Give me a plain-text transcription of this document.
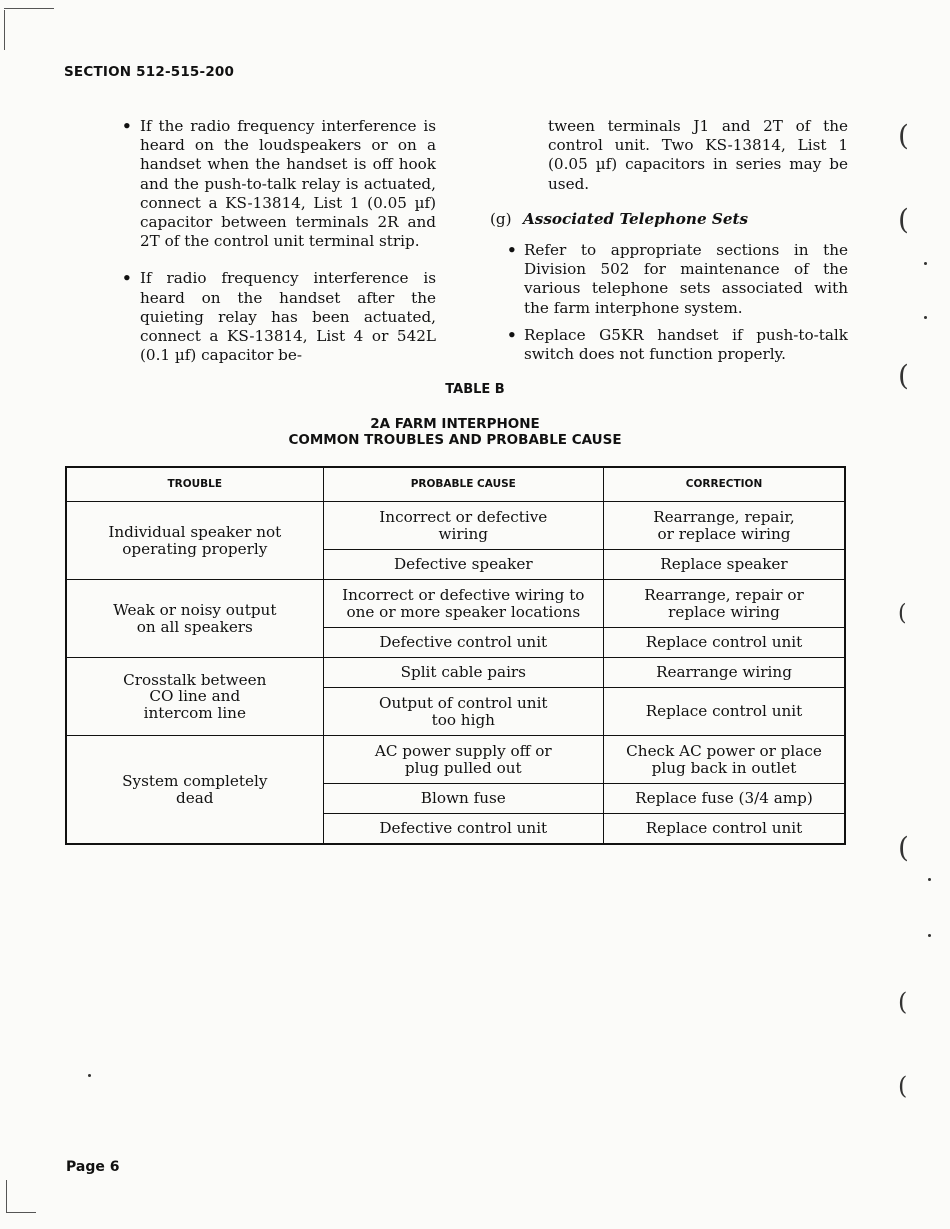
(
(
(
(
(
(
(
SECTION 512-515-200

• If the radio frequency interference is heard on the loudspeakers or on a handset when the handset is off hook and the push-to-talk relay is actuated, connect a KS-13814, List 1 (0.05 µf) capacitor between terminals 2R and 2T of the control unit terminal strip.

• If radio frequency interference is heard on the handset after the quieting relay has been actuated, connect a KS-13814, List 4 or 542L (0.1 µf) capacitor be-

tween terminals J1 and 2T of the control unit. Two KS-13814, List 1 (0.05 µf) capacitors in series may be used.

(g) Associated Telephone Sets

• Refer to appropriate sections in the Division 502 for maintenance of the various telephone sets associated with the farm interphone system.

• Replace G5KR handset if push-to-talk switch does not function properly.

TABLE B
2A FARM INTERPHONE
COMMON TROUBLES AND PROBABLE CAUSE
TROUBLE	PROBABLE CAUSE	CORRECTION
Individual speaker not operating properly	Incorrect or defective wiring	Rearrange, repair, or replace wiring
	Defective speaker	Replace speaker
Weak or noisy output on all speakers	Incorrect or defective wiring to one or more speaker locations	Rearrange, repair or replace wiring
	Defective control unit	Replace control unit
Crosstalk between CO line and intercom line	Split cable pairs	Rearrange wiring
	Output of control unit too high	Replace control unit
System completely dead	AC power supply off or plug pulled out	Check AC power or place plug back in outlet
	Blown fuse	Replace fuse (3/4 amp)
	Defective control unit	Replace control unit
Page 6
